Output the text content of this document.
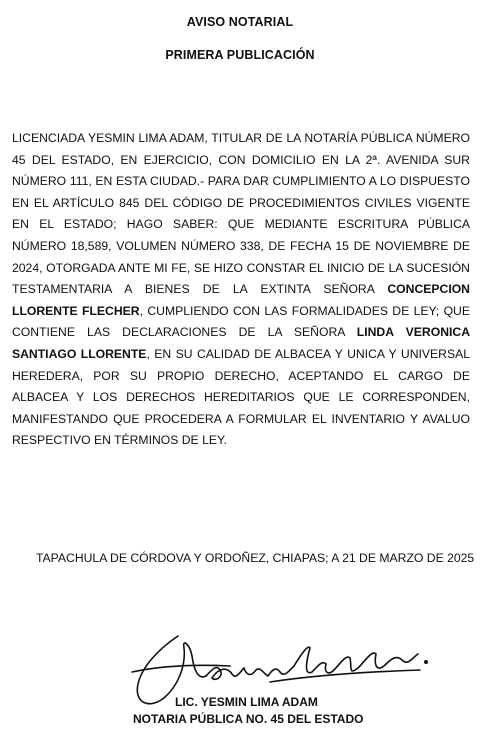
AVISO NOTARIAL
PRIMERA PUBLICACIÓN
LICENCIADA YESMIN LIMA ADAM, TITULAR DE LA NOTARÍA PÚBLICA NÚMERO 45 DEL ESTADO, EN EJERCICIO, CON DOMICILIO EN LA 2ª. AVENIDA SUR NÚMERO 111, EN ESTA CIUDAD.- PARA DAR CUMPLIMIENTO A LO DISPUESTO EN EL ARTÍCULO 845 DEL CÓDIGO DE PROCEDIMIENTOS CIVILES VIGENTE EN EL ESTADO; HAGO SABER: QUE MEDIANTE ESCRITURA PÚBLICA NÚMERO 18,589, VOLUMEN NÚMERO 338, DE FECHA 15 DE NOVIEMBRE DE 2024, OTORGADA ANTE MI FE, SE HIZO CONSTAR EL INICIO DE LA SUCESIÓN TESTAMENTARIA A BIENES DE LA EXTINTA SEÑORA CONCEPCION LLORENTE FLECHER, CUMPLIENDO CON LAS FORMALIDADES DE LEY; QUE CONTIENE LAS DECLARACIONES DE LA SEÑORA LINDA VERONICA SANTIAGO LLORENTE, EN SU CALIDAD DE ALBACEA Y UNICA Y UNIVERSAL HEREDERA, POR SU PROPIO DERECHO, ACEPTANDO EL CARGO DE ALBACEA Y LOS DERECHOS HEREDITARIOS QUE LE CORRESPONDEN, MANIFESTANDO QUE PROCEDERA A FORMULAR EL INVENTARIO Y AVALUO RESPECTIVO EN TÉRMINOS DE LEY.
TAPACHULA DE CÓRDOVA Y ORDOÑEZ, CHIAPAS; A 21 DE MARZO DE 2025
LIC. YESMIN LIMA ADAM
NOTARIA PÚBLICA NO. 45 DEL ESTADO
